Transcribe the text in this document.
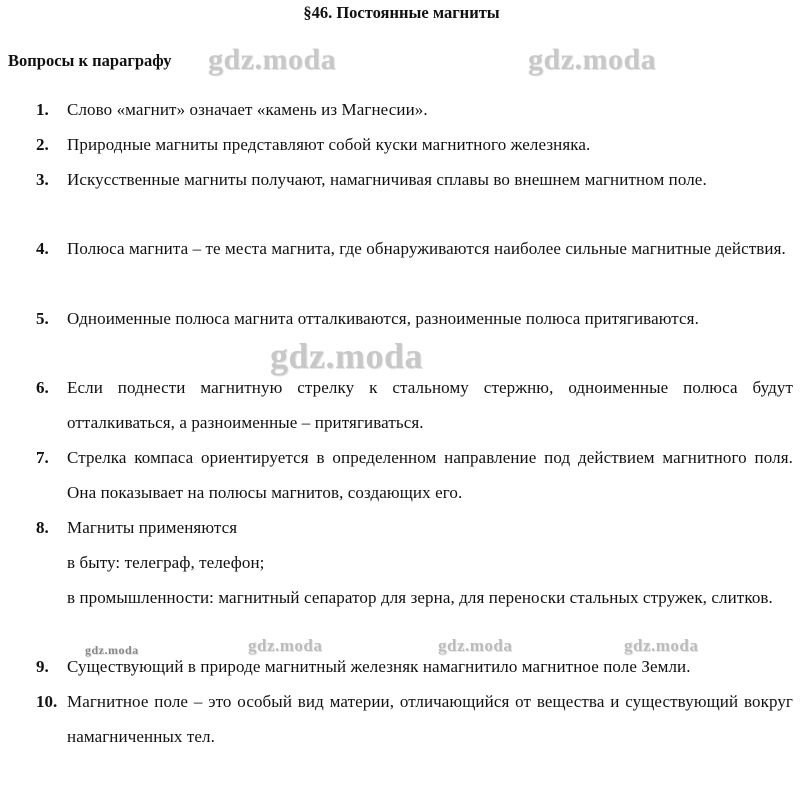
§46. Постоянные магниты
Вопросы к параграфу
1.	Слово «магнит» означает «камень из Магнесии».
2.	Природные магниты представляют собой куски магнитного железняка.
3.	Искусственные магниты получают, намагничивая сплавы во внешнем магнитном поле.
4.	Полюса магнита – те места магнита, где обнаруживаются наиболее сильные магнитные действия.
5.	Одноименные полюса магнита отталкиваются, разноименные полюса притягиваются.
6.	Если поднести магнитную стрелку к стальному стержню, одноименные полюса будут отталкиваться, а разноименные – притягиваться.
7.	Стрелка компаса ориентируется в определенном направление под действием магнитного поля. Она показывает на полюсы магнитов, создающих его.
8.	Магниты применяются
в быту: телеграф, телефон;
в промышленности: магнитный сепаратор для зерна, для переноски стальных стружек, слитков.
9.	Существующий в природе магнитный железняк намагнитило магнитное поле Земли.
10. Магнитное поле – это особый вид материи, отличающийся от вещества и существующий вокруг намагниченных тел.
gdz.moda	gdz.moda
gdz.moda
gdz.moda	gdz.moda	gdz.moda
gdz.moda
